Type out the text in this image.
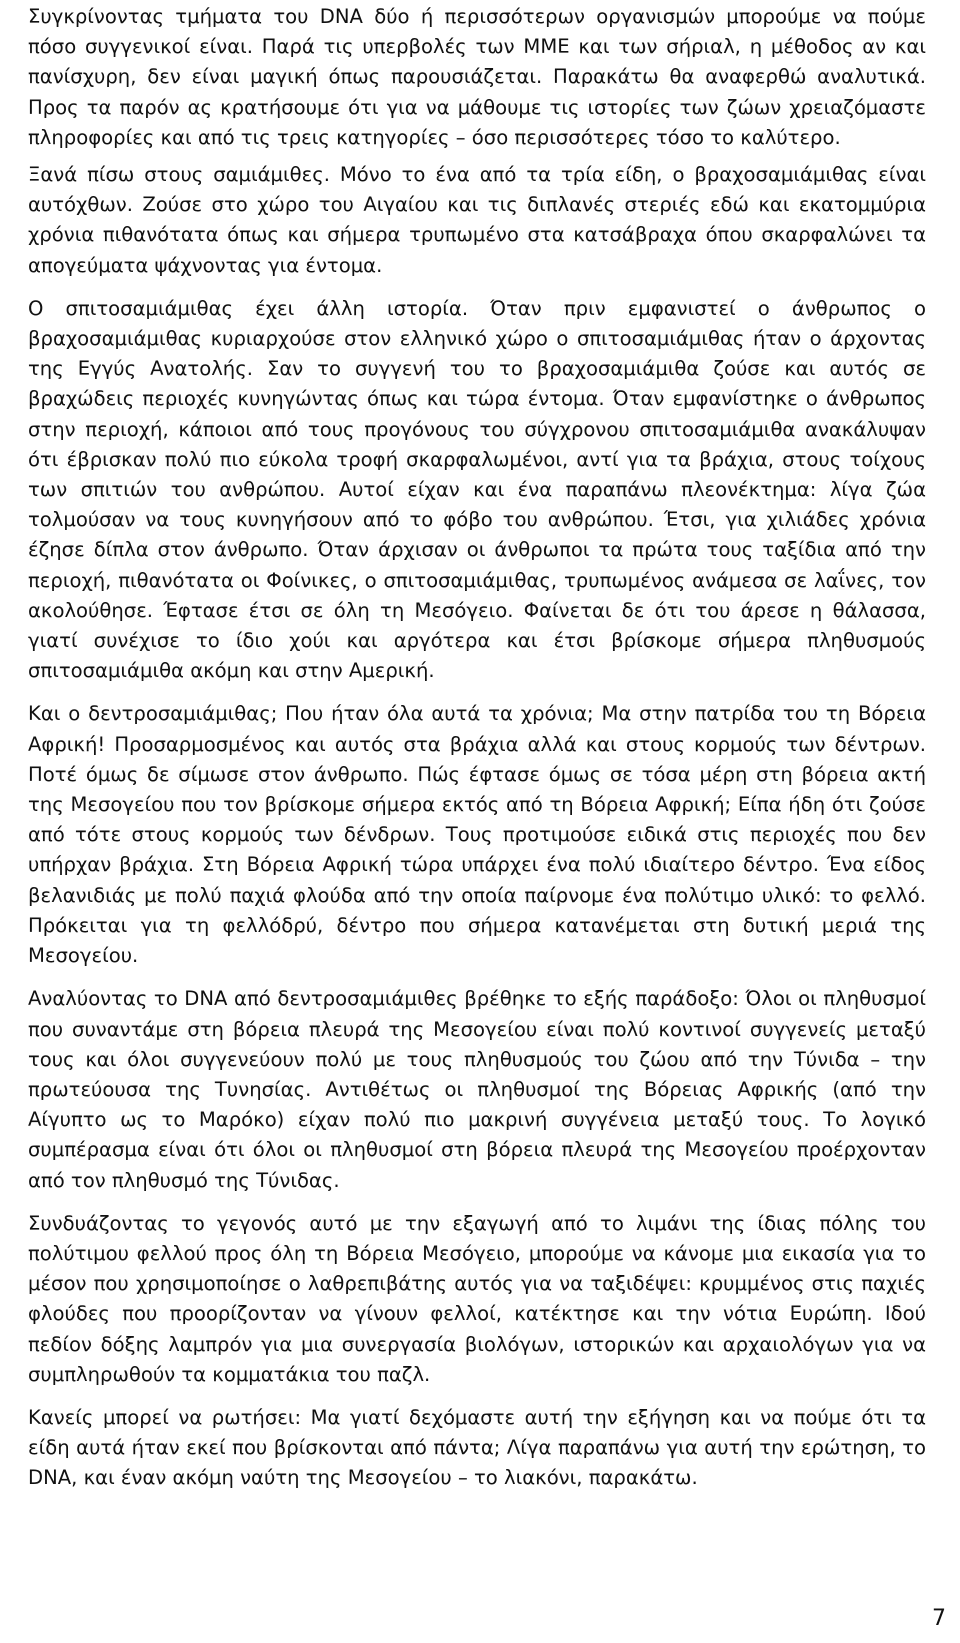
Συγκρίνοντας τμήματα του DNA δύο ή περισσότερων οργανισμών μπορούμε να πούμε πόσο συγγενικοί είναι. Παρά τις υπερβολές των ΜΜΕ και των σήριαλ, η μέθοδος αν και πανίσχυρη, δεν είναι μαγική όπως παρουσιάζεται. Παρακάτω θα αναφερθώ αναλυτικά. Προς τα παρόν ας κρατήσουμε ότι για να μάθουμε τις ιστορίες των ζώων χρειαζόμαστε πληροφορίες και από τις τρεις κατηγορίες – όσο περισσότερες τόσο το καλύτερο.

Ξανά πίσω στους σαμιάμιθες. Μόνο το ένα από τα τρία είδη, ο βραχοσαμιάμιθας είναι αυτόχθων. Ζούσε στο χώρο του Αιγαίου και τις διπλανές στεριές εδώ και εκατομμύρια χρόνια πιθανότατα όπως και σήμερα τρυπωμένο στα κατσάβραχα όπου σκαρφαλώνει τα απογεύματα ψάχνοντας για έντομα.

Ο σπιτοσαμιάμιθας έχει άλλη ιστορία. Όταν πριν εμφανιστεί ο άνθρωπος ο βραχοσαμιάμιθας κυριαρχούσε στον ελληνικό χώρο ο σπιτοσαμιάμιθας ήταν ο άρχοντας της Εγγύς Ανατολής. Σαν το συγγενή του το βραχοσαμιάμιθα ζούσε και αυτός σε βραχώδεις περιοχές κυνηγώντας όπως και τώρα έντομα. Όταν εμφανίστηκε ο άνθρωπος στην περιοχή, κάποιοι από τους προγόνους του σύγχρονου σπιτοσαμιάμιθα ανακάλυψαν ότι έβρισκαν πολύ πιο εύκολα τροφή σκαρφαλωμένοι, αντί για τα βράχια, στους τοίχους των σπιτιών του ανθρώπου. Αυτοί είχαν και ένα παραπάνω πλεονέκτημα: λίγα ζώα τολμούσαν να τους κυνηγήσουν από το φόβο του ανθρώπου. Έτσι, για χιλιάδες χρόνια έζησε δίπλα στον άνθρωπο. Όταν άρχισαν οι άνθρωποι τα πρώτα τους ταξίδια από την περιοχή, πιθανότατα οι Φοίνικες, ο σπιτοσαμιάμιθας, τρυπωμένος ανάμεσα σε λαΐνες, τον ακολούθησε. Έφτασε έτσι σε όλη τη Μεσόγειο. Φαίνεται δε ότι του άρεσε η θάλασσα, γιατί συνέχισε το ίδιο χούι και αργότερα και έτσι βρίσκομε σήμερα πληθυσμούς σπιτοσαμιάμιθα ακόμη και στην Αμερική.

Και ο δεντροσαμιάμιθας; Που ήταν όλα αυτά τα χρόνια; Μα στην πατρίδα του τη Βόρεια Αφρική! Προσαρμοσμένος και αυτός στα βράχια αλλά και στους κορμούς των δέντρων. Ποτέ όμως δε σίμωσε στον άνθρωπο. Πώς έφτασε όμως σε τόσα μέρη στη βόρεια ακτή της Μεσογείου που τον βρίσκομε σήμερα εκτός από τη Βόρεια Αφρική; Είπα ήδη ότι ζούσε από τότε στους κορμούς των δένδρων. Τους προτιμούσε ειδικά στις περιοχές που δεν υπήρχαν βράχια. Στη Βόρεια Αφρική τώρα υπάρχει ένα πολύ ιδιαίτερο δέντρο. Ένα είδος βελανιδιάς με πολύ παχιά φλούδα από την οποία παίρνομε ένα πολύτιμο υλικό: το φελλό. Πρόκειται για τη φελλόδρύ, δέντρο που σήμερα κατανέμεται στη δυτική μεριά της Μεσογείου.

Αναλύοντας το DNA από δεντροσαμιάμιθες βρέθηκε το εξής παράδοξο: Όλοι οι πληθυσμοί που συναντάμε στη βόρεια πλευρά της Μεσογείου είναι πολύ κοντινοί συγγενείς μεταξύ τους και όλοι συγγενεύουν πολύ με τους πληθυσμούς του ζώου από την Τύνιδα – την πρωτεύουσα της Τυνησίας. Αντιθέτως οι πληθυσμοί της Βόρειας Αφρικής (από την Αίγυπτο ως το Μαρόκο) είχαν πολύ πιο μακρινή συγγένεια μεταξύ τους. Το λογικό συμπέρασμα είναι ότι όλοι οι πληθυσμοί στη βόρεια πλευρά της Μεσογείου προέρχονταν από τον πληθυσμό της Τύνιδας.

Συνδυάζοντας το γεγονός αυτό με την εξαγωγή από το λιμάνι της ίδιας πόλης του πολύτιμου φελλού προς όλη τη Βόρεια Μεσόγειο, μπορούμε να κάνομε μια εικασία για το μέσον που χρησιμοποίησε ο λαθρεπιβάτης αυτός για να ταξιδέψει: κρυμμένος στις παχιές φλούδες που προορίζονταν να γίνουν φελλοί, κατέκτησε και την νότια Ευρώπη. Ιδού πεδίον δόξης λαμπρόν για μια συνεργασία βιολόγων, ιστορικών και αρχαιολόγων για να συμπληρωθούν τα κομματάκια του παζλ.

Κανείς μπορεί να ρωτήσει: Μα γιατί δεχόμαστε αυτή την εξήγηση και να πούμε ότι τα είδη αυτά ήταν εκεί που βρίσκονται από πάντα; Λίγα παραπάνω για αυτή την ερώτηση, το DNA, και έναν ακόμη ναύτη της Μεσογείου – το λιακόνι, παρακάτω.

7
